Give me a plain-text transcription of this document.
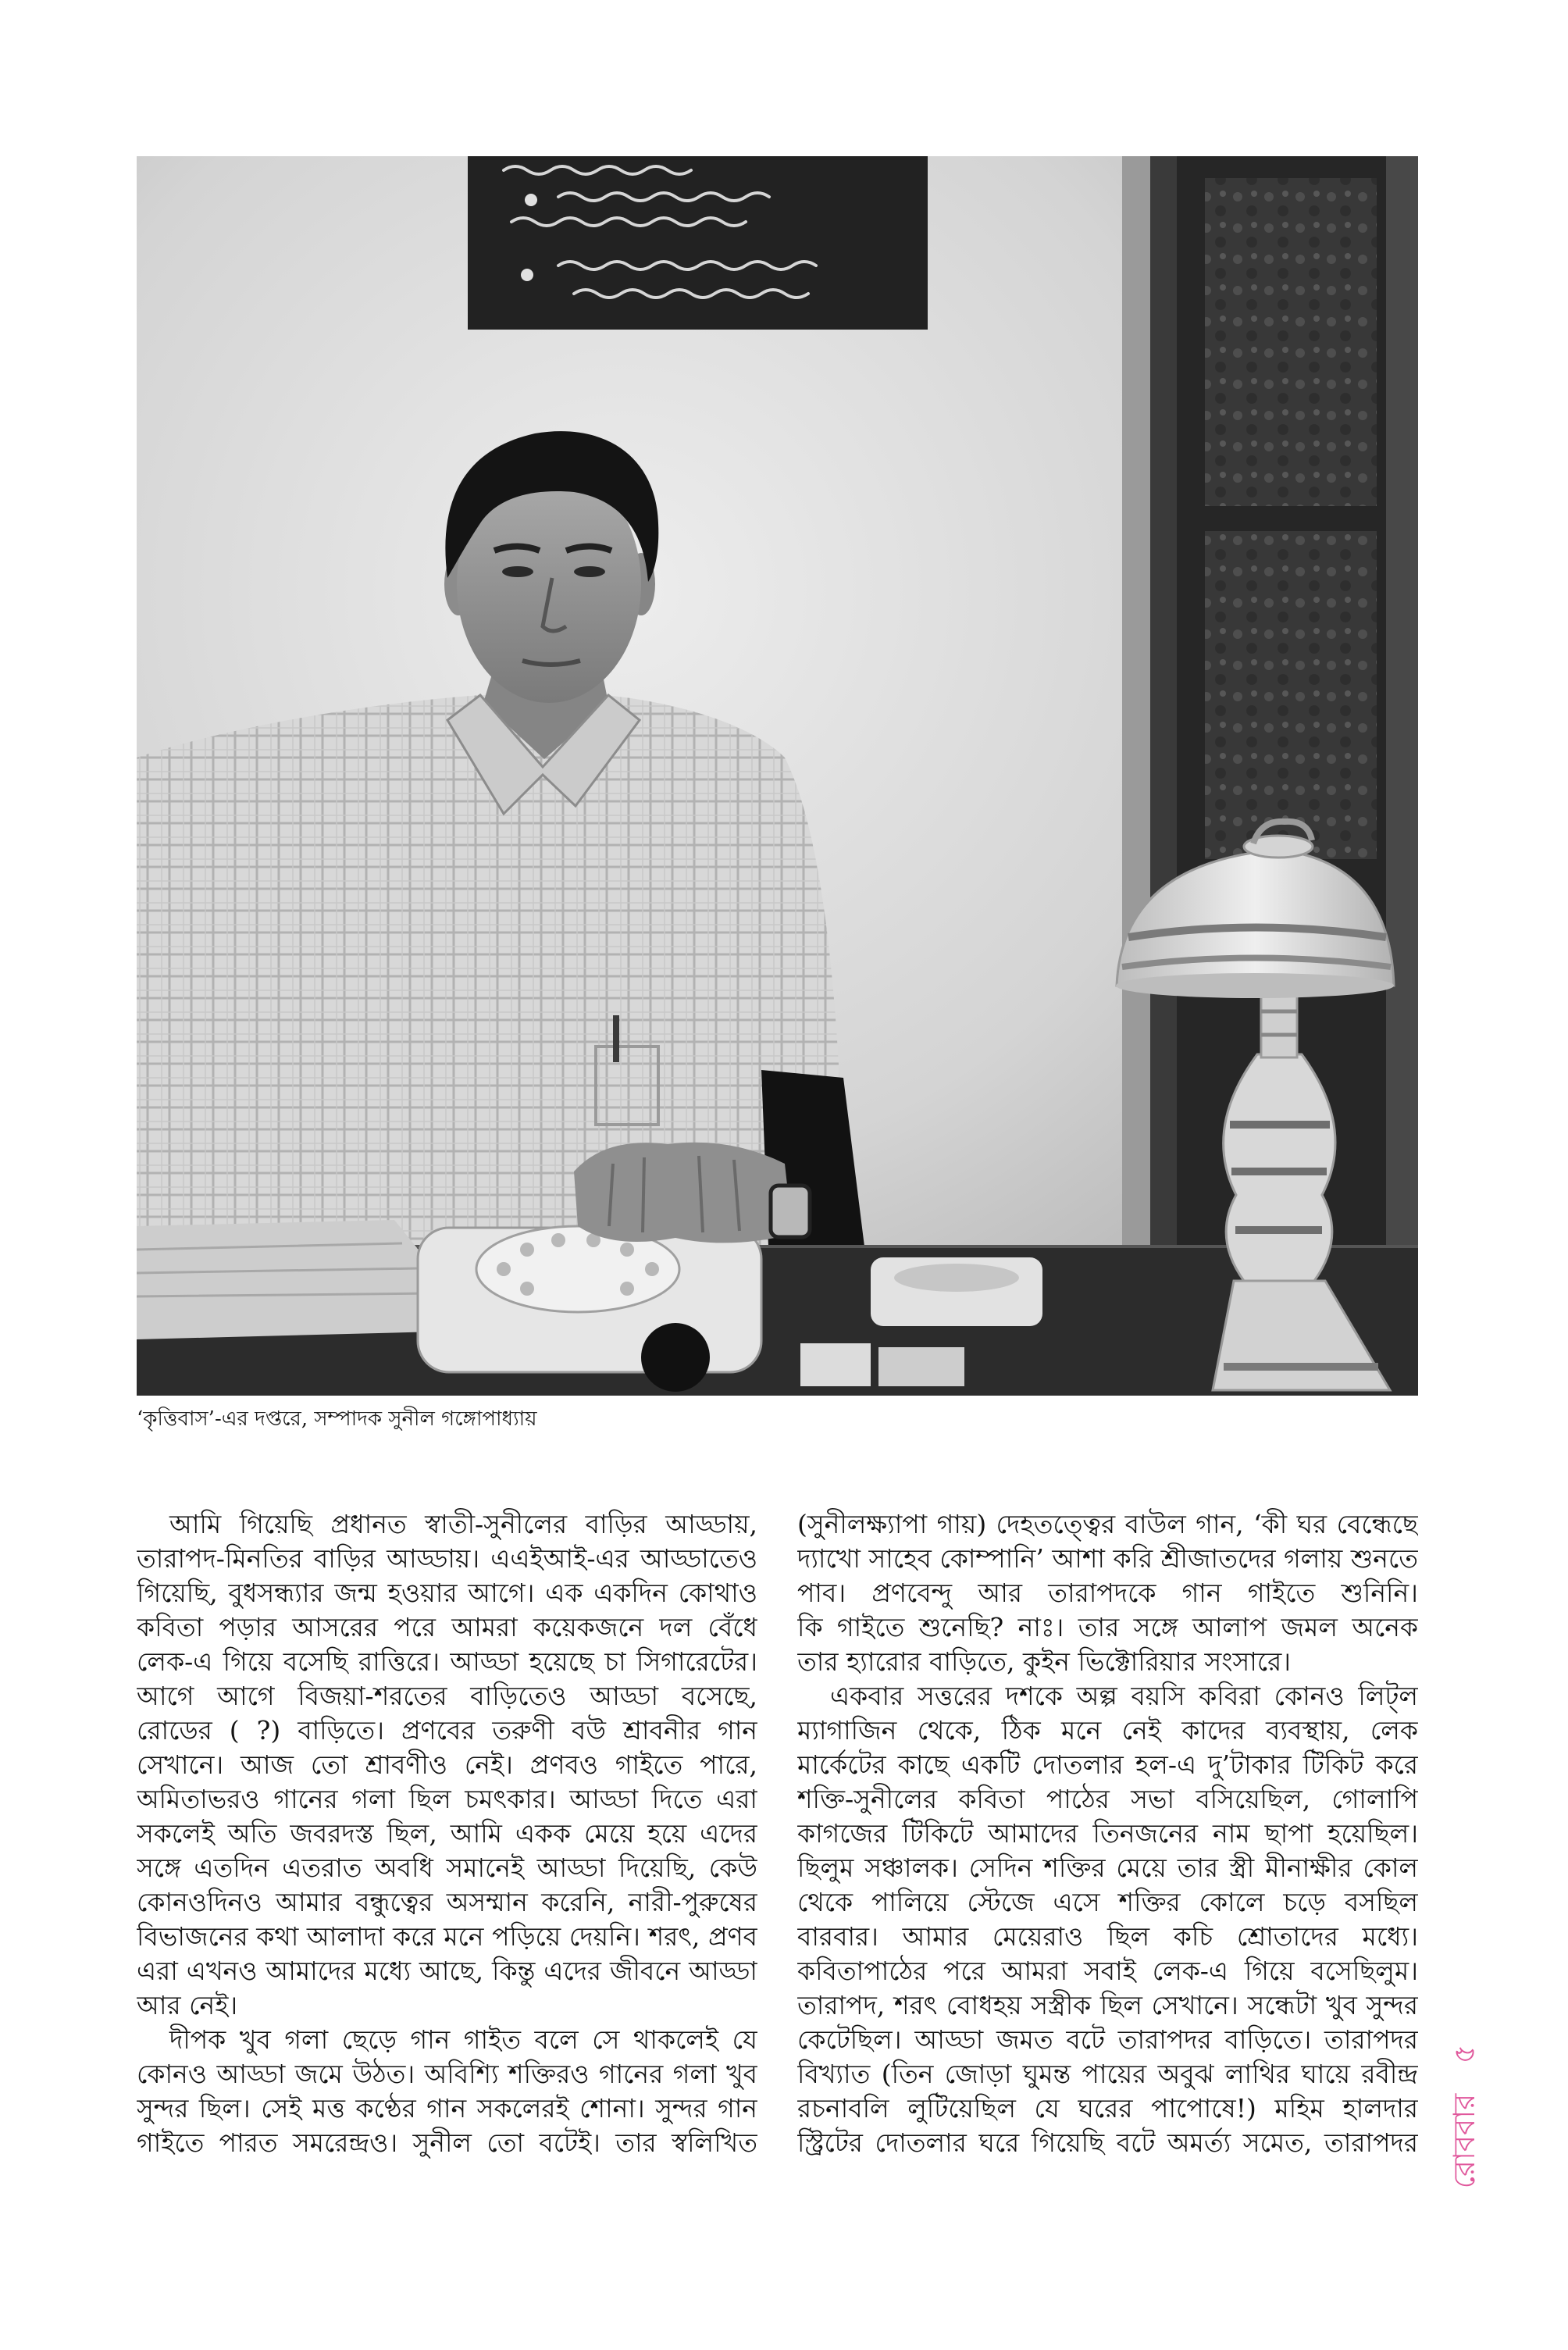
‘কৃত্তিবাস’-এর দপ্তরে, সম্পাদক সুনীল গঙ্গোপাধ্যায়
আমি গিয়েছি প্রধানত স্বাতী-সুনীলের বাড়ির আড্ডায়,
তারাপদ-মিনতির বাড়ির আড্ডায়। এএইআই-এর আড্ডাতেও
গিয়েছি, বুধসন্ধ্যার জন্ম হওয়ার আগে। এক একদিন কোথাও
কবিতা পড়ার আসরের পরে আমরা কয়েকজনে দল বেঁধে
লেক-এ গিয়ে বসেছি রাত্তিরে। আড্ডা হয়েছে চা সিগারেটের।
আগে আগে বিজয়া-শরতের বাড়িতেও আড্ডা বসেছে,
রোডের ( ?) বাড়িতে। প্রণবের তরুণী বউ শ্রাবনীর গান
সেখানে। আজ তো শ্রাবণীও নেই। প্রণবও গাইতে পারে,
অমিতাভরও গানের গলা ছিল চমৎকার। আড্ডা দিতে এরা
সকলেই অতি জবরদস্ত ছিল, আমি একক মেয়ে হয়ে এদের
সঙ্গে এতদিন এতরাত অবধি সমানেই আড্ডা দিয়েছি, কেউ
কোনওদিনও আমার বন্ধুত্বের অসম্মান করেনি, নারী-পুরুষের
বিভাজনের কথা আলাদা করে মনে পড়িয়ে দেয়নি। শরৎ, প্রণব
এরা এখনও আমাদের মধ্যে আছে, কিন্তু এদের জীবনে আড্ডা
আর নেই।
দীপক খুব গলা ছেড়ে গান গাইত বলে সে থাকলেই যে
কোনও আড্ডা জমে উঠত। অবিশ্যি শক্তিরও গানের গলা খুব
সুন্দর ছিল। সেই মত্ত কণ্ঠের গান সকলেরই শোনা। সুন্দর গান
গাইতে পারত সমরেন্দ্রও। সুনীল তো বটেই। তার স্বলিখিত
(সুনীলক্ষ্যাপা গায়) দেহতত্ত্বের বাউল গান, ‘কী ঘর বেন্ধেছে
দ্যাখো সাহেব কোম্পানি’ আশা করি শ্রীজাতদের গলায় শুনতে
পাব। প্রণবেন্দু আর তারাপদকে গান গাইতে শুনিনি।
কি গাইতে শুনেছি? নাঃ। তার সঙ্গে আলাপ জমল অনেক
তার হ্যারোর বাড়িতে, কুইন ভিক্টোরিয়ার সংসারে।
একবার সত্তরের দশকে অল্প বয়সি কবিরা কোনও লিট্‌ল
ম্যাগাজিন থেকে, ঠিক মনে নেই কাদের ব্যবস্থায়, লেক
মার্কেটের কাছে একটি দোতলার হল-এ দু’টাকার টিকিট করে
শক্তি-সুনীলের কবিতা পাঠের সভা বসিয়েছিল, গোলাপি
কাগজের টিকিটে আমাদের তিনজনের নাম ছাপা হয়েছিল।
ছিলুম সঞ্চালক। সেদিন শক্তির মেয়ে তার স্ত্রী মীনাক্ষীর কোল
থেকে পালিয়ে স্টেজে এসে শক্তির কোলে চড়ে বসছিল
বারবার। আমার মেয়েরাও ছিল কচি শ্রোতাদের মধ্যে।
কবিতাপাঠের পরে আমরা সবাই লেক-এ গিয়ে বসেছিলুম।
তারাপদ, শরৎ বোধহয় সস্ত্রীক ছিল সেখানে। সন্ধেটা খুব সুন্দর
কেটেছিল। আড্ডা জমত বটে তারাপদর বাড়িতে। তারাপদর
বিখ্যাত (তিন জোড়া ঘুমন্ত পায়ের অবুঝ লাথির ঘায়ে রবীন্দ্র
রচনাবলি লুটিয়েছিল যে ঘরের পাপোষে!) মহিম হালদার
স্ট্রিটের দোতলার ঘরে গিয়েছি বটে অমর্ত্য সমেত, তারাপদর রোববার ৫
